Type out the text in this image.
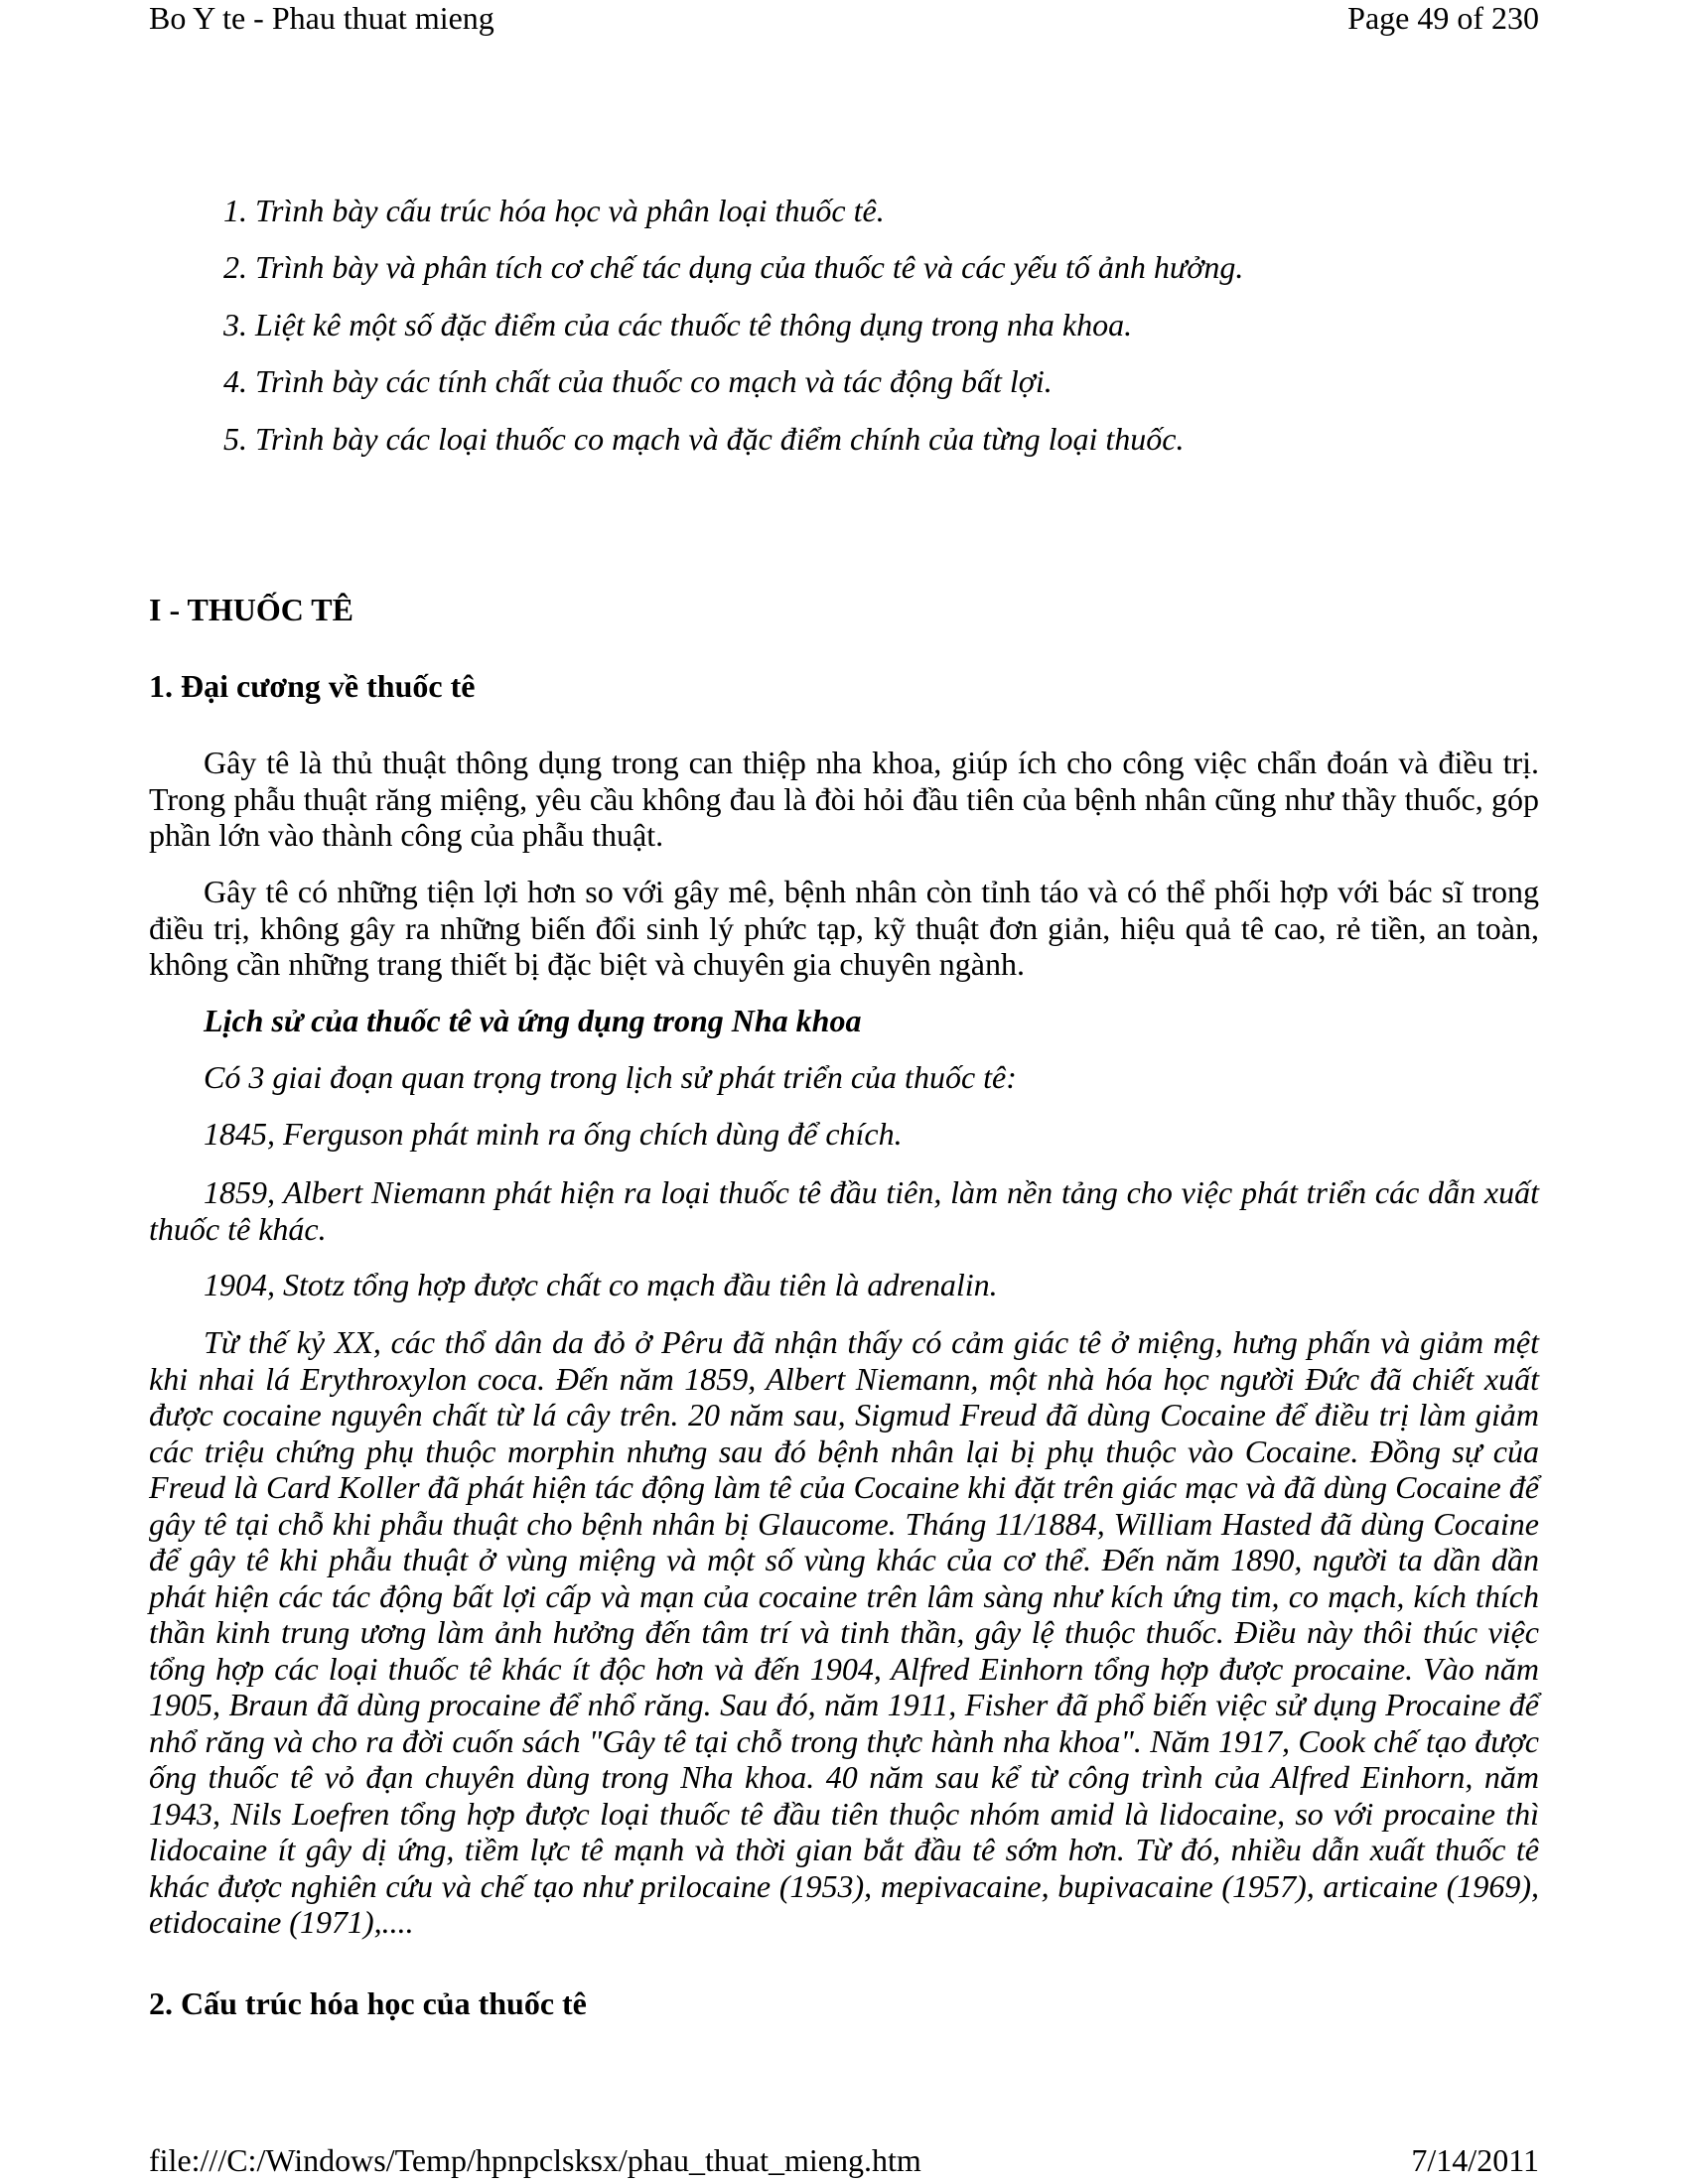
Bo Y te - Phau thuat mieng	Page 49 of 230

1. Trình bày cấu trúc hóa học và phân loại thuốc tê.

2. Trình bày và phân tích cơ chế tác dụng của thuốc tê và các yếu tố ảnh hưởng.

3. Liệt kê một số đặc điểm của các thuốc tê thông dụng trong nha khoa.

4. Trình bày các tính chất của thuốc co mạch và tác động bất lợi.

5. Trình bày các loại thuốc co mạch và đặc điểm chính của từng loại thuốc.

I - THUỐC TÊ
1. Đại cương về thuốc tê

Gây tê là thủ thuật thông dụng trong can thiệp nha khoa, giúp ích cho công việc chẩn đoán và điều trị. Trong phẫu thuật răng miệng, yêu cầu không đau là đòi hỏi đầu tiên của bệnh nhân cũng như thầy thuốc, góp phần lớn vào thành công của phẫu thuật.

Gây tê có những tiện lợi hơn so với gây mê, bệnh nhân còn tỉnh táo và có thể phối hợp với bác sĩ trong điều trị, không gây ra những biến đổi sinh lý phức tạp, kỹ thuật đơn giản, hiệu quả tê cao, rẻ tiền, an toàn, không cần những trang thiết bị đặc biệt và chuyên gia chuyên ngành.

Lịch sử của thuốc tê và ứng dụng trong Nha khoa

Có 3 giai đoạn quan trọng trong lịch sử phát triển của thuốc tê:

1845, Ferguson phát minh ra ống chích dùng để chích.

1859, Albert Niemann phát hiện ra loại thuốc tê đầu tiên, làm nền tảng cho việc phát triển các dẫn xuất thuốc tê khác.

1904, Stotz tổng hợp được chất co mạch đầu tiên là adrenalin.

Từ thế kỷ XX, các thổ dân da đỏ ở Pêru đã nhận thấy có cảm giác tê ở miệng, hưng phấn và giảm mệt khi nhai lá Erythroxylon coca. Đến năm 1859, Albert Niemann, một nhà hóa học người Đức đã chiết xuất được cocaine nguyên chất từ lá cây trên. 20 năm sau, Sigmud Freud đã dùng Cocaine để điều trị làm giảm các triệu chứng phụ thuộc morphin nhưng sau đó bệnh nhân lại bị phụ thuộc vào Cocaine. Đồng sự của Freud là Card Koller đã phát hiện tác động làm tê của Cocaine khi đặt trên giác mạc và đã dùng Cocaine để gây tê tại chỗ khi phẫu thuật cho bệnh nhân bị Glaucome. Tháng 11/1884, William Hasted đã dùng Cocaine để gây tê khi phẫu thuật ở vùng miệng và một số vùng khác của cơ thể. Đến năm 1890, người ta dần dần phát hiện các tác động bất lợi cấp và mạn của cocaine trên lâm sàng như kích ứng tim, co mạch, kích thích thần kinh trung ương làm ảnh hưởng đến tâm trí và tinh thần, gây lệ thuộc thuốc. Điều này thôi thúc việc tổng hợp các loại thuốc tê khác ít độc hơn và đến 1904, Alfred Einhorn tổng hợp được procaine. Vào năm 1905, Braun đã dùng procaine để nhổ răng. Sau đó, năm 1911, Fisher đã phổ biến việc sử dụng Procaine để nhổ răng và cho ra đời cuốn sách "Gây tê tại chỗ trong thực hành nha khoa". Năm 1917, Cook chế tạo được ống thuốc tê vỏ đạn chuyên dùng trong Nha khoa. 40 năm sau kể từ công trình của Alfred Einhorn, năm 1943, Nils Loefren tổng hợp được loại thuốc tê đầu tiên thuộc nhóm amid là lidocaine, so với procaine thì lidocaine ít gây dị ứng, tiềm lực tê mạnh và thời gian bắt đầu tê sớm hơn. Từ đó, nhiều dẫn xuất thuốc tê khác được nghiên cứu và chế tạo như prilocaine (1953), mepivacaine, bupivacaine (1957), articaine (1969), etidocaine (1971),....

2. Cấu trúc hóa học của thuốc tê
file:///C:/Windows/Temp/hpnpclsksx/phau_thuat_mieng.htm	7/14/2011
